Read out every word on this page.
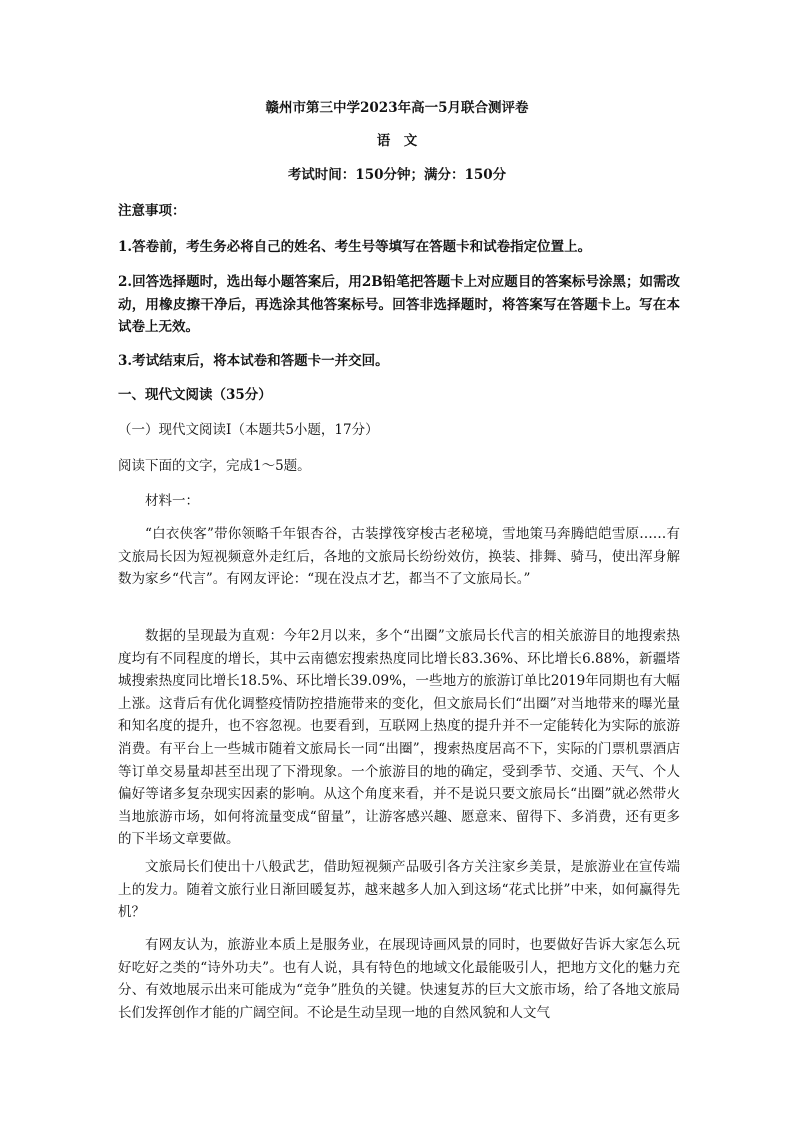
赣州市第三中学2023年高一5月联合测评卷
语　文
考试时间：150分钟；满分：150分
注意事项：
1.答卷前，考生务必将自己的姓名、考生号等填写在答题卡和试卷指定位置上。
2.回答选择题时，选出每小题答案后，用2B铅笔把答题卡上对应题目的答案标号涂黑；如需改动，用橡皮擦干净后，再选涂其他答案标号。回答非选择题时，将答案写在答题卡上。写在本试卷上无效。
3.考试结束后，将本试卷和答题卡一并交回。
一、现代文阅读（35分）
（一）现代文阅读Ⅰ（本题共5小题，17分）
阅读下面的文字，完成1～5题。
材料一：
“白衣侠客”带你领略千年银杏谷，古装撑筏穿梭古老秘境，雪地策马奔腾皑皑雪原……有文旅局长因为短视频意外走红后，各地的文旅局长纷纷效仿，换装、排舞、骑马，使出浑身解数为家乡“代言”。有网友评论：“现在没点才艺，都当不了文旅局长。”
数据的呈现最为直观：今年2月以来，多个“出圈”文旅局长代言的相关旅游目的地搜索热度均有不同程度的增长，其中云南德宏搜索热度同比增长83.36%、环比增长6.88%，新疆塔城搜索热度同比增长18.5%、环比增长39.09%，一些地方的旅游订单比2019年同期也有大幅上涨。这背后有优化调整疫情防控措施带来的变化，但文旅局长们“出圈”对当地带来的曝光量和知名度的提升，也不容忽视。也要看到，互联网上热度的提升并不一定能转化为实际的旅游消费。有平台上一些城市随着文旅局长一同“出圈”，搜索热度居高不下，实际的门票机票酒店等订单交易量却甚至出现了下滑现象。一个旅游目的地的确定，受到季节、交通、天气、个人偏好等诸多复杂现实因素的影响。从这个角度来看，并不是说只要文旅局长“出圈”就必然带火当地旅游市场，如何将流量变成“留量”，让游客感兴趣、愿意来、留得下、多消费，还有更多的下半场文章要做。
文旅局长们使出十八般武艺，借助短视频产品吸引各方关注家乡美景，是旅游业在宣传端上的发力。随着文旅行业日渐回暖复苏，越来越多人加入到这场“花式比拼”中来，如何赢得先机？
有网友认为，旅游业本质上是服务业，在展现诗画风景的同时，也要做好告诉大家怎么玩好吃好之类的“诗外功夫”。也有人说，具有特色的地域文化最能吸引人，把地方文化的魅力充分、有效地展示出来可能成为“竞争”胜负的关键。快速复苏的巨大文旅市场，给了各地文旅局长们发挥创作才能的广阔空间。不论是生动呈现一地的自然风貌和人文气
